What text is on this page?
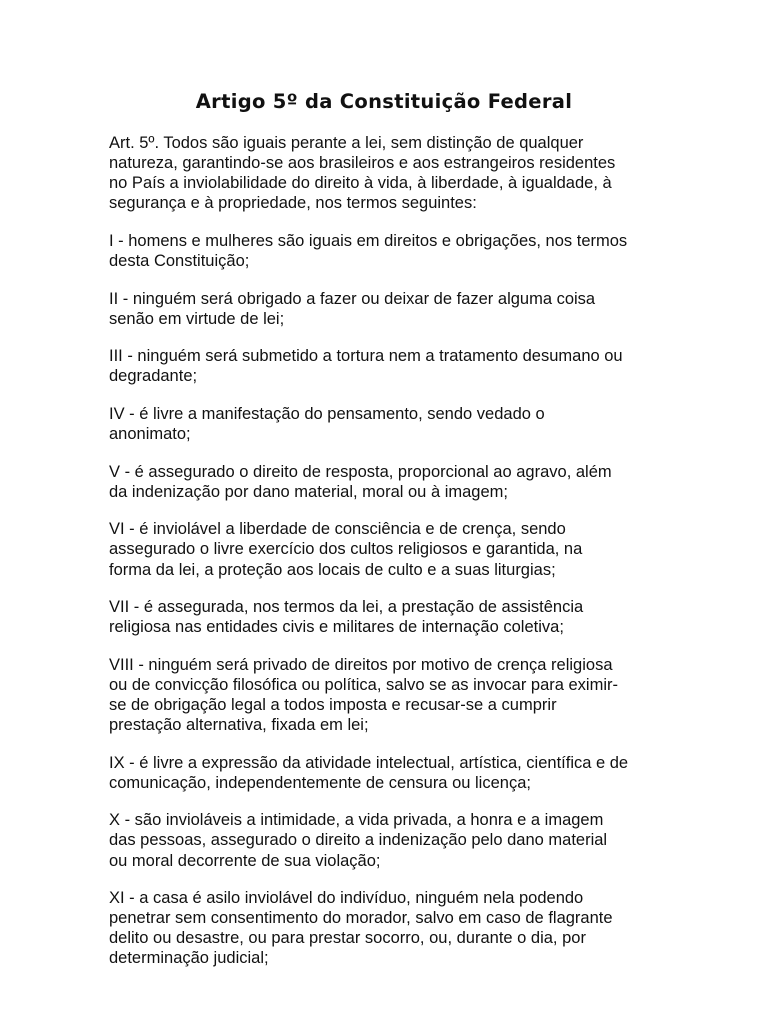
Artigo 5º da Constituição Federal

Art. 5º. Todos são iguais perante a lei, sem distinção de qualquer
natureza, garantindo-se aos brasileiros e aos estrangeiros residentes
no País a inviolabilidade do direito à vida, à liberdade, à igualdade, à
segurança e à propriedade, nos termos seguintes:

I - homens e mulheres são iguais em direitos e obrigações, nos termos
desta Constituição;

II - ninguém será obrigado a fazer ou deixar de fazer alguma coisa
senão em virtude de lei;

III - ninguém será submetido a tortura nem a tratamento desumano ou
degradante;

IV - é livre a manifestação do pensamento, sendo vedado o
anonimato;

V - é assegurado o direito de resposta, proporcional ao agravo, além
da indenização por dano material, moral ou à imagem;

VI - é inviolável a liberdade de consciência e de crença, sendo
assegurado o livre exercício dos cultos religiosos e garantida, na
forma da lei, a proteção aos locais de culto e a suas liturgias;

VII - é assegurada, nos termos da lei, a prestação de assistência
religiosa nas entidades civis e militares de internação coletiva;

VIII - ninguém será privado de direitos por motivo de crença religiosa
ou de convicção filosófica ou política, salvo se as invocar para eximir-
se de obrigação legal a todos imposta e recusar-se a cumprir
prestação alternativa, fixada em lei;

IX - é livre a expressão da atividade intelectual, artística, científica e de
comunicação, independentemente de censura ou licença;

X - são invioláveis a intimidade, a vida privada, a honra e a imagem
das pessoas, assegurado o direito a indenização pelo dano material
ou moral decorrente de sua violação;

XI - a casa é asilo inviolável do indivíduo, ninguém nela podendo
penetrar sem consentimento do morador, salvo em caso de flagrante
delito ou desastre, ou para prestar socorro, ou, durante o dia, por
determinação judicial;
